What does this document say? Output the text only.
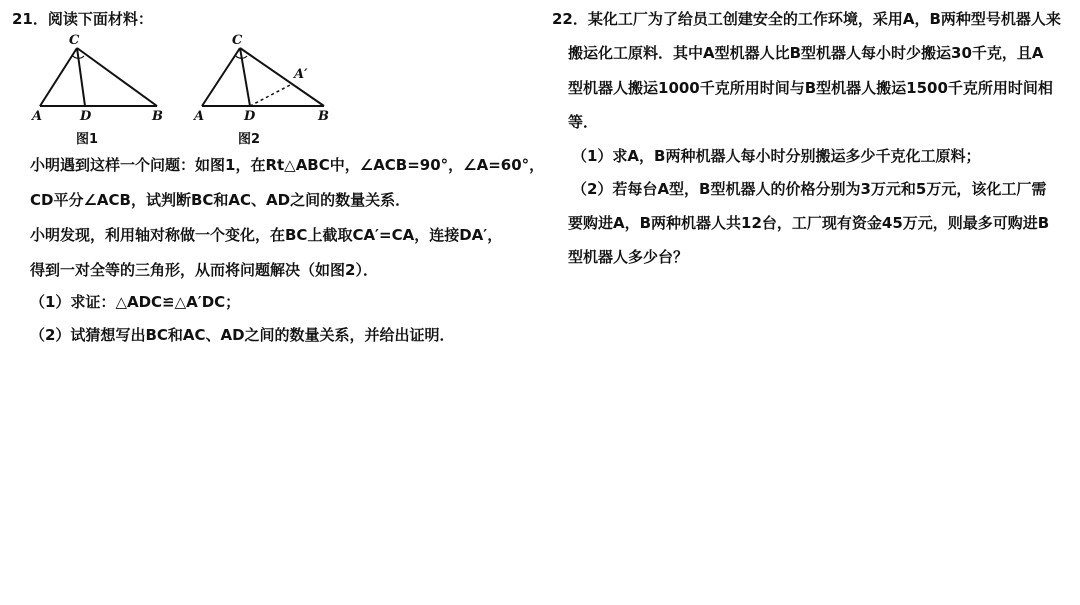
21．阅读下面材料：
C
A	D	B
图1
C
A	D	B
A′
图2
小明遇到这样一个问题：如图1，在Rt△ABC中，∠ACB=90°，∠A=60°，
CD平分∠ACB，试判断BC和AC、AD之间的数量关系．
小明发现，利用轴对称做一个变化，在BC上截取CA′=CA，连接DA′，
得到一对全等的三角形，从而将问题解决（如图2）．
（1）求证：△ADC≌△A′DC；
（2）试猜想写出BC和AC、AD之间的数量关系，并给出证明．
22．某化工厂为了给员工创建安全的工作环境，采用A，B两种型号机器人来
搬运化工原料．其中A型机器人比B型机器人每小时少搬运30千克，且A
型机器人搬运1000千克所用时间与B型机器人搬运1500千克所用时间相
等．
（1）求A，B两种机器人每小时分别搬运多少千克化工原料；
（2）若每台A型，B型机器人的价格分别为3万元和5万元，该化工厂需
要购进A，B两种机器人共12台，工厂现有资金45万元，则最多可购进B
型机器人多少台？
